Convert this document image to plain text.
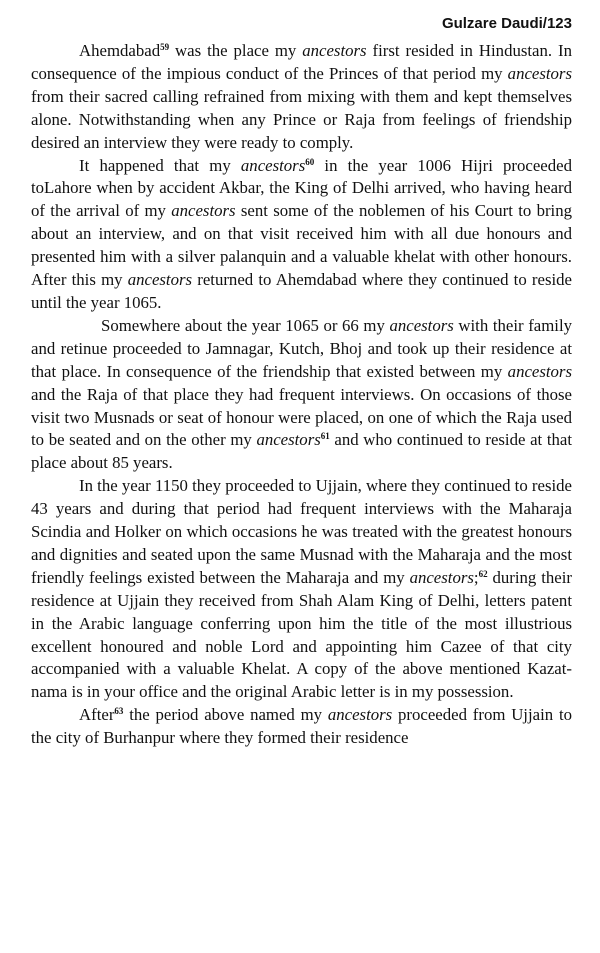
Gulzare Daudi/123

Ahemdabad$^{59}$ was the place my ancestors first resided in Hindustan. In consequence of the impious conduct of the Princes of that period my ancestors from their sacred calling refrained from mixing with them and kept themselves alone. Notwithstanding when any Prince or Raja from feelings of friendship desired an interview they were ready to comply.

It happened that my ancestors$^{60}$ in the year 1006 Hijri proceeded toLahore when by accident Akbar, the King of Delhi arrived, who having heard of the arrival of my ancestors sent some of the noblemen of his Court to bring about an interview, and on that visit received him with all due honours and presented him with a silver palanquin and a valuable khelat with other honours. After this my ancestors returned to Ahemdabad where they continued to reside until the year 1065.

Somewhere about the year 1065 or 66 my ancestors with their family and retinue proceeded to Jamnagar, Kutch, Bhoj and took up their residence at that place. In consequence of the friendship that existed between my ancestors and the Raja of that place they had frequent interviews. On occasions of those visit two Musnads or seat of honour were placed, on one of which the Raja used to be seated and on the other my ancestors$^{61}$ and who continued to reside at that place about 85 years.

In the year 1150 they proceeded to Ujjain, where they continued to reside 43 years and during that period had frequent interviews with the Maharaja Scindia and Holker on which occasions he was treated with the greatest honours and dignities and seated upon the same Musnad with the Maharaja and the most friendly feelings existed between the Maharaja and my ancestors;$^{62}$ during their residence at Ujjain they received from Shah Alam King of Delhi, letters patent in the Arabic language conferring upon him the title of the most illustrious excellent honoured and noble Lord and appointing him Cazee of that city accompanied with a valuable Khelat. A copy of the above mentioned Kazat-nama is in your office and the original Arabic letter is in my possession.

After$^{63}$ the period above named my ancestors proceeded from Ujjain to the city of Burhanpur where they formed their residence
